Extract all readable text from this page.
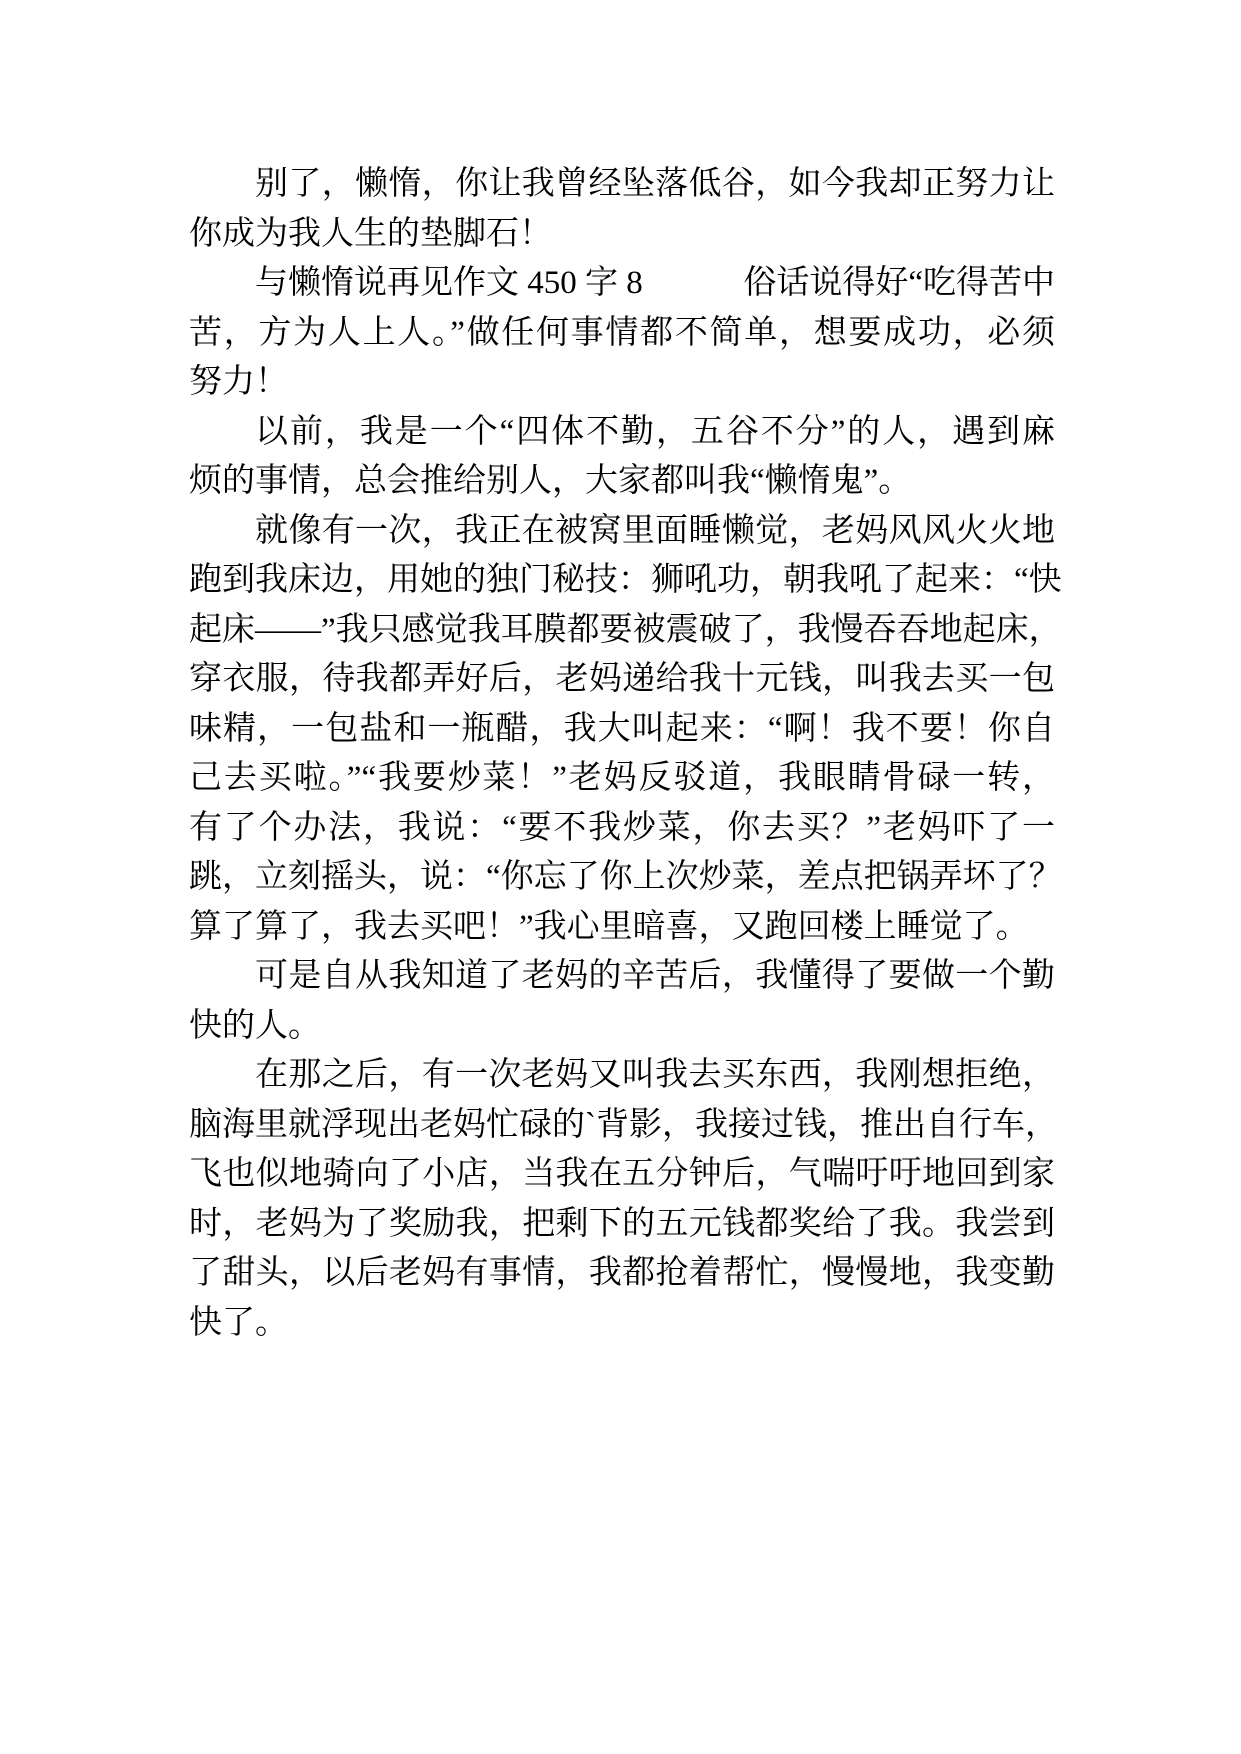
别了，懒惰，你让我曾经坠落低谷，如今我却正努力让
你成为我人生的垫脚石！
与懒惰说再见作文 450 字 8	俗话说得好“吃得苦中
苦，方为人上人。”做任何事情都不简单，想要成功，必须
努力！
以前，我是一个“四体不勤，五谷不分”的人，遇到麻
烦的事情，总会推给别人，大家都叫我“懒惰鬼”。
就像有一次，我正在被窝里面睡懒觉，老妈风风火火地
跑到我床边，用她的独门秘技：狮吼功，朝我吼了起来：“快
起床——”我只感觉我耳膜都要被震破了，我慢吞吞地起床，
穿衣服，待我都弄好后，老妈递给我十元钱，叫我去买一包
味精，一包盐和一瓶醋，我大叫起来：“啊！我不要！你自
己去买啦。”“我要炒菜！”老妈反驳道，我眼睛骨碌一转，
有了个办法，我说：“要不我炒菜，你去买？”老妈吓了一
跳，立刻摇头，说：“你忘了你上次炒菜，差点把锅弄坏了？
算了算了，我去买吧！”我心里暗喜，又跑回楼上睡觉了。
可是自从我知道了老妈的辛苦后，我懂得了要做一个勤
快的人。
在那之后，有一次老妈又叫我去买东西，我刚想拒绝，
脑海里就浮现出老妈忙碌的`背影，我接过钱，推出自行车，
飞也似地骑向了小店，当我在五分钟后，气喘吁吁地回到家
时，老妈为了奖励我，把剩下的五元钱都奖给了我。我尝到
了甜头，以后老妈有事情，我都抢着帮忙，慢慢地，我变勤
快了。
